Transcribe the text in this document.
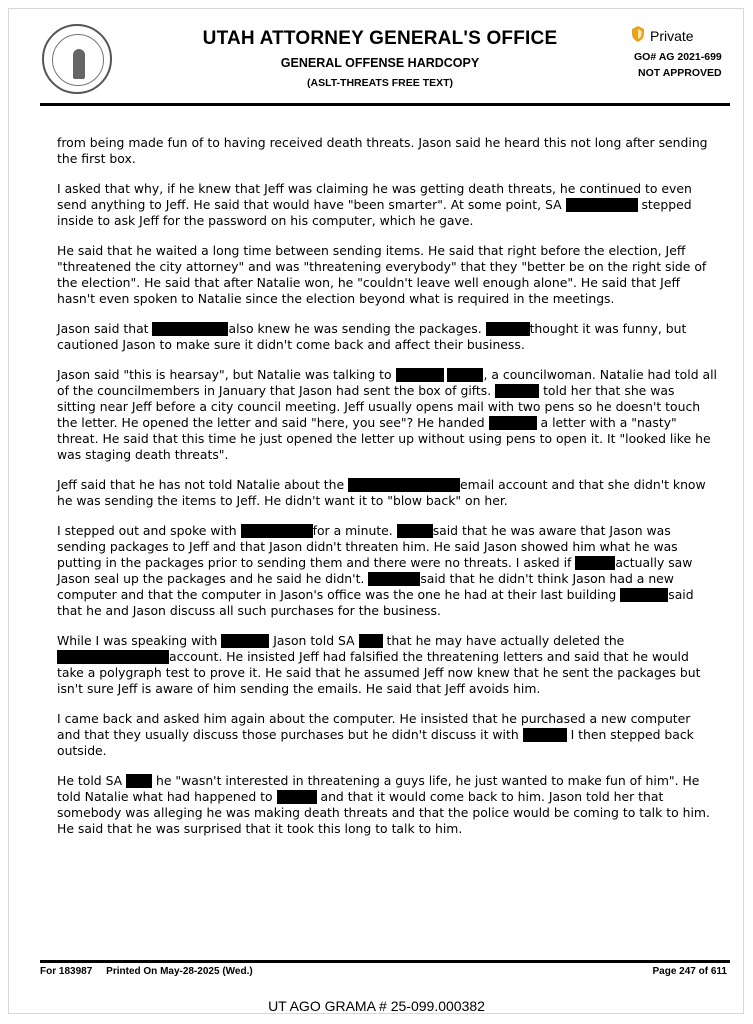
UTAH ATTORNEY GENERAL'S OFFICE
GENERAL OFFENSE HARDCOPY
(ASLT-THREATS FREE TEXT)
Private
GO# AG 2021-699
NOT APPROVED

from being made fun of to having received death threats. Jason said he heard this not long after sending the first box.

I asked that why, if he knew that Jeff was claiming he was getting death threats, he continued to even send anything to Jeff. He said that would have "been smarter". At some point, SA	stepped inside to ask Jeff for the password on his computer, which he gave.

He said that he waited a long time between sending items. He said that right before the election, Jeff "threatened the city attorney" and was "threatening everybody" that they "better be on the right side of the election". He said that after Natalie won, he "couldn't leave well enough alone". He said that Jeff hasn't even spoken to Natalie since the election beyond what is required in the meetings.

Jason said that	also knew he was sending the packages.	thought it was funny, but cautioned Jason to make sure it didn't come back and affect their business.

Jason said "this is hearsay", but Natalie was talking to	, a councilwoman. Natalie had told all of the councilmembers in January that Jason had sent the box of gifts.	told her that she was sitting near Jeff before a city council meeting. Jeff usually opens mail with two pens so he doesn't touch the letter. He opened the letter and said "here, you see"? He handed	a letter with a "nasty" threat. He said that this time he just opened the letter up without using pens to open it. It "looked like he was staging death threats".

Jeff said that he has not told Natalie about the	email account and that she didn't know he was sending the items to Jeff. He didn't want it to "blow back" on her.

I stepped out and spoke with	for a minute.	said that he was aware that Jason was sending packages to Jeff and that Jason didn't threaten him. He said Jason showed him what he was putting in the packages prior to sending them and there were no threats. I asked if	actually saw Jason seal up the packages and he said he didn't.	said that he didn't think Jason had a new computer and that the computer in Jason's office was the one he had at their last building	said that he and Jason discuss all such purchases for the business.

While I was speaking with	Jason told SA  that he may have actually deleted the account. He insisted Jeff had falsified the threatening letters and said that he would take a polygraph test to prove it. He said that he assumed Jeff now knew that he sent the packages but isn't sure Jeff is aware of him sending the emails. He said that Jeff avoids him.

I came back and asked him again about the computer. He insisted that he purchased a new computer and that they usually discuss those purchases but he didn't discuss it with	I then stepped back outside.

He told SA  he "wasn't interested in threatening a guys life, he just wanted to make fun of him". He told Natalie what had happened to	and that it would come back to him. Jason told her that somebody was alleging he was making death threats and that the police would be coming to talk to him. He said that he was surprised that it took this long to talk to him.

For 183987 Printed On May-28-2025 (Wed.)	Page 247 of 611
UT AGO GRAMA # 25-099.000382
